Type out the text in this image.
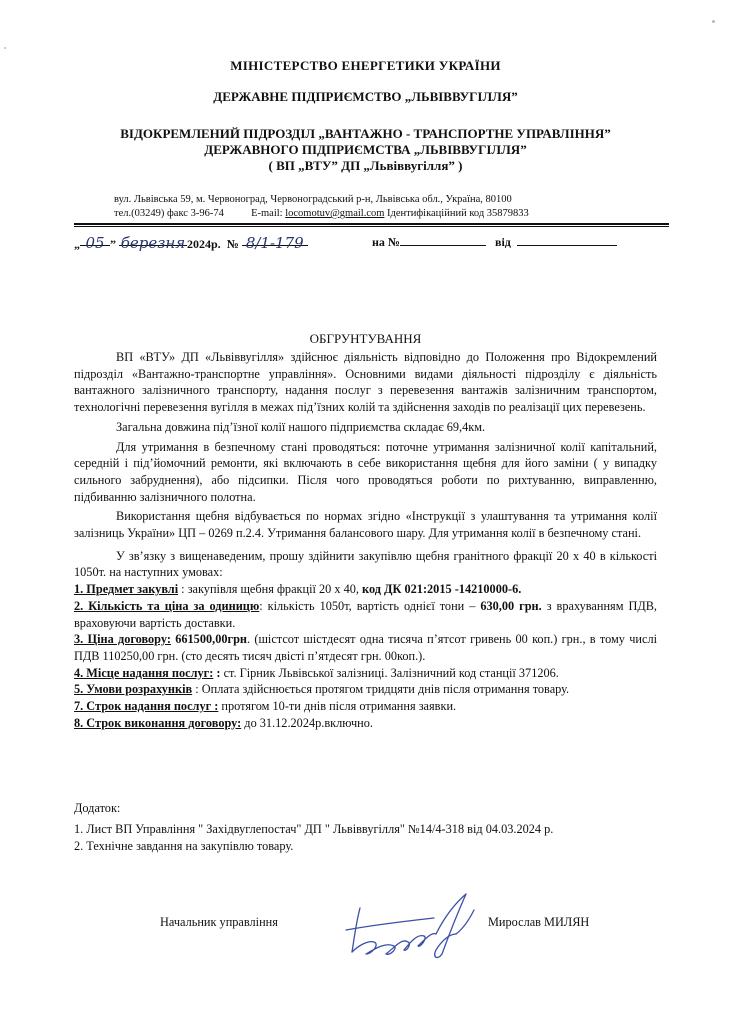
МІНІСТЕРСТВО ЕНЕРГЕТИКИ УКРАЇНИ
ДЕРЖАВНЕ ПІДПРИЄМСТВО „ЛЬВІВВУГІЛЛЯ”
ВІДОКРЕМЛЕНИЙ ПІДРОЗДІЛ „ВАНТАЖНО - ТРАНСПОРТНЕ УПРАВЛІННЯ”
ДЕРЖАВНОГО ПІДПРИЄМСТВА „ЛЬВІВВУГІЛЛЯ”
( ВП „ВТУ” ДП „Львіввугілля” )
вул. Львівська 59, м. Червоноград, Червоноградський р-н, Львівська обл., Україна, 80100
тел.(03249) факс 3-96-74	E-mail: locomotuv@gmail.com Ідентифікаційний код 35879833
„ 05 ” березня 2024р. № 8/1-179	на №	від
ОБГРУНТУВАННЯ

ВП «ВТУ» ДП «Львіввугілля» здійснює діяльність відповідно до Положення про Відокремлений підрозділ «Вантажно-транспортне управління». Основними видами діяльності підрозділу є діяльність вантажного залізничного транспорту, надання послуг з перевезення вантажів залізничним транспортом, технологічні перевезення вугілля в межах під’їзних колій та здійснення заходів по реалізації цих перевезень.

Загальна довжина під’їзної колії нашого підприємства складає 69,4км.

Для утримання в безпечному стані проводяться: поточне утримання залізничної колії капітальний, середній і під’йомочний ремонти, які включають в себе використання щебня для його заміни ( у випадку сильного забруднення), або підсипки. Після чого проводяться роботи по рихтуванню, виправленню, підбиванню залізничного полотна.

Використання щебня відбувається по нормах згідно «Інструкції з улаштування та утримання колії залізниць України» ЦП – 0269 п.2.4. Утримання балансового шару. Для утримання колії в безпечному стані.

У зв’язку з вищенаведеним, прошу здійнити закупівлю щебня гранітного фракції 20 х 40 в кількості 1050т. на наступних умовах:

1. Предмет закувлі : закупівля щебня фракції 20 х 40, код ДК 021:2015 -14210000-6.

2. Кількість та ціна за одиницю: кількість 1050т, вартість однієї тони – 630,00 грн. з врахуванням ПДВ, враховуючи вартість доставки.

3. Ціна договору: 661500,00грн. (шістсот шістдесят одна тисяча п’ятсот гривень 00 коп.) грн., в тому числі ПДВ 110250,00 грн. (сто десять тисяч двісті п’ятдесят грн. 00коп.).

4. Місце надання послуг: : ст. Гірник Львівської залізниці. Залізничний код станції 371206.

5. Умови розрахунків : Оплата здійснюється протягом тридцяти днів після отримання товару.

7. Строк надання послуг : протягом 10-ти днів після отримання заявки.

8. Строк виконання договору: до 31.12.2024р.включно.

Додаток:

1. Лист ВП Управління " Західвуглепостач" ДП " Львіввугілля" №14/4-318 від 04.03.2024 р.

2. Технічне завдання на закупівлю товару.

Начальник управління	Мирослав МИЛЯН
